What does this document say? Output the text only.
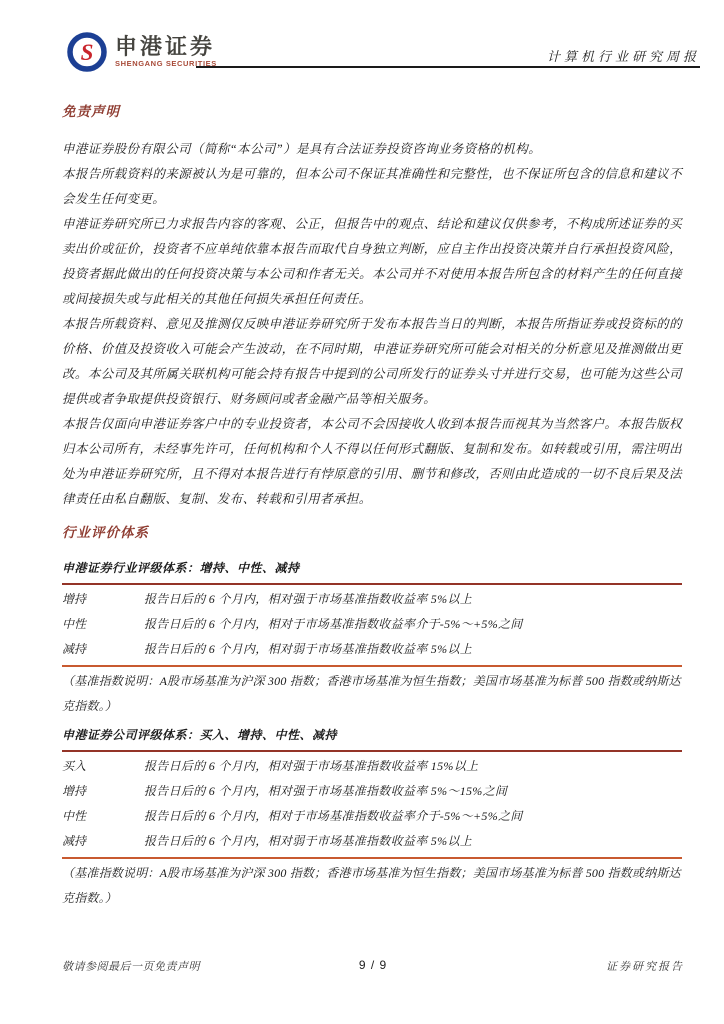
S 申港证券
SHENGANG SECURITIES	计算机行业研究周报
免责声明

申港证券股份有限公司（简称“本公司”）是具有合法证券投资咨询业务资格的机构。

本报告所载资料的来源被认为是可靠的，但本公司不保证其准确性和完整性，也不保证所包含的信息和建议不会发生任何变更。

申港证券研究所已力求报告内容的客观、公正，但报告中的观点、结论和建议仅供参考，不构成所述证券的买卖出价或征价，投资者不应单纯依靠本报告而取代自身独立判断，应自主作出投资决策并自行承担投资风险，投资者据此做出的任何投资决策与本公司和作者无关。本公司并不对使用本报告所包含的材料产生的任何直接或间接损失或与此相关的其他任何损失承担任何责任。

本报告所载资料、意见及推测仅反映申港证券研究所于发布本报告当日的判断，本报告所指证券或投资标的的价格、价值及投资收入可能会产生波动，在不同时期，申港证券研究所可能会对相关的分析意见及推测做出更改。本公司及其所属关联机构可能会持有报告中提到的公司所发行的证券头寸并进行交易，也可能为这些公司提供或者争取提供投资银行、财务顾问或者金融产品等相关服务。

本报告仅面向申港证券客户中的专业投资者，本公司不会因接收人收到本报告而视其为当然客户。本报告版权归本公司所有，未经事先许可，任何机构和个人不得以任何形式翻版、复制和发布。如转载或引用，需注明出处为申港证券研究所，且不得对本报告进行有悖原意的引用、删节和修改，否则由此造成的一切不良后果及法律责任由私自翻版、复制、发布、转载和引用者承担。

行业评价体系
申港证券行业评级体系：增持、中性、减持
增持	报告日后的 6 个月内，相对强于市场基准指数收益率 5%以上
中性	报告日后的 6 个月内，相对于市场基准指数收益率介于-5%～+5%之间
减持	报告日后的 6 个月内，相对弱于市场基准指数收益率 5%以上
（基准指数说明：A股市场基准为沪深 300 指数；香港市场基准为恒生指数；美国市场基准为标普 500 指数或纳斯达克指数。）
申港证券公司评级体系：买入、增持、中性、减持
买入	报告日后的 6 个月内，相对强于市场基准指数收益率 15%以上
增持	报告日后的 6 个月内，相对强于市场基准指数收益率 5%～15%之间
中性	报告日后的 6 个月内，相对于市场基准指数收益率介于-5%～+5%之间
减持	报告日后的 6 个月内，相对弱于市场基准指数收益率 5%以上
（基准指数说明：A股市场基准为沪深 300 指数；香港市场基准为恒生指数；美国市场基准为标普 500 指数或纳斯达克指数。）
敬请参阅最后一页免责声明	9 / 9	证券研究报告
